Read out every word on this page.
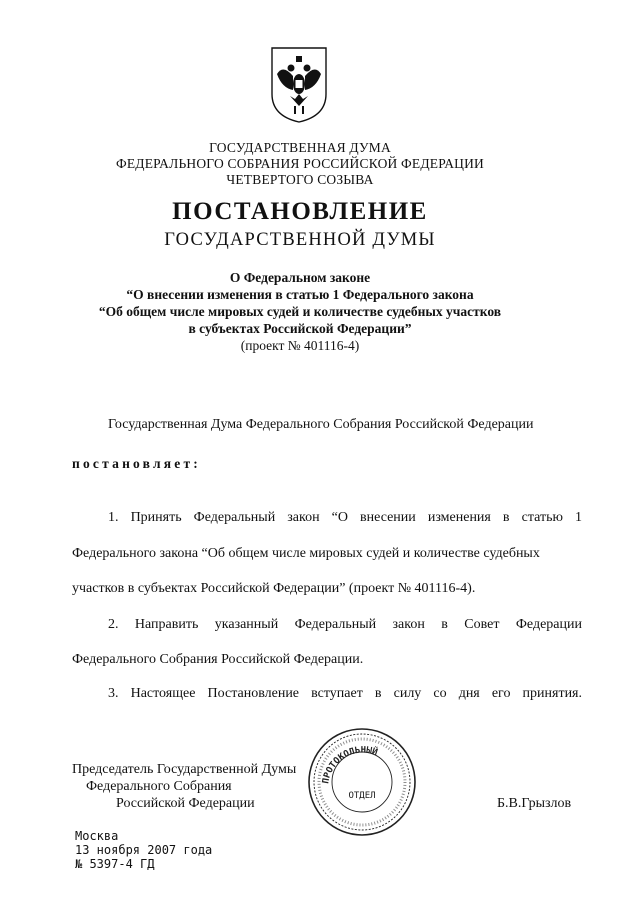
ГОСУДАРСТВЕННАЯ ДУМА
ФЕДЕРАЛЬНОГО СОБРАНИЯ РОССИЙСКОЙ ФЕДЕРАЦИИ
ЧЕТВЕРТОГО СОЗЫВА
ПОСТАНОВЛЕНИЕ
ГОСУДАРСТВЕННОЙ ДУМЫ
О Федеральном законе
“О внесении изменения в статью 1 Федерального закона
“Об общем числе мировых судей и количестве судебных участков
в субъектах Российской Федерации”
(проект № 401116-4)
Государственная Дума Федерального Собрания Российской Федерации
постановляет:
1. Принять Федеральный закон “О внесении изменения в статью 1
Федерального закона “Об общем числе мировых судей и количестве судебных
участков в субъектах Российской Федерации” (проект № 401116-4).
2. Направить указанный Федеральный закон в Совет Федерации
Федерального Собрания Российской Федерации.
3. Настоящее Постановление вступает в силу со дня его принятия.
Председатель Государственной Думы
Федерального Собрания
Российской Федерации	Б.В.Грызлов
ПРОТОКОЛЬНЫЙ
ОТДЕЛ
Москва
13 ноября 2007 года
№ 5397-4 ГД
